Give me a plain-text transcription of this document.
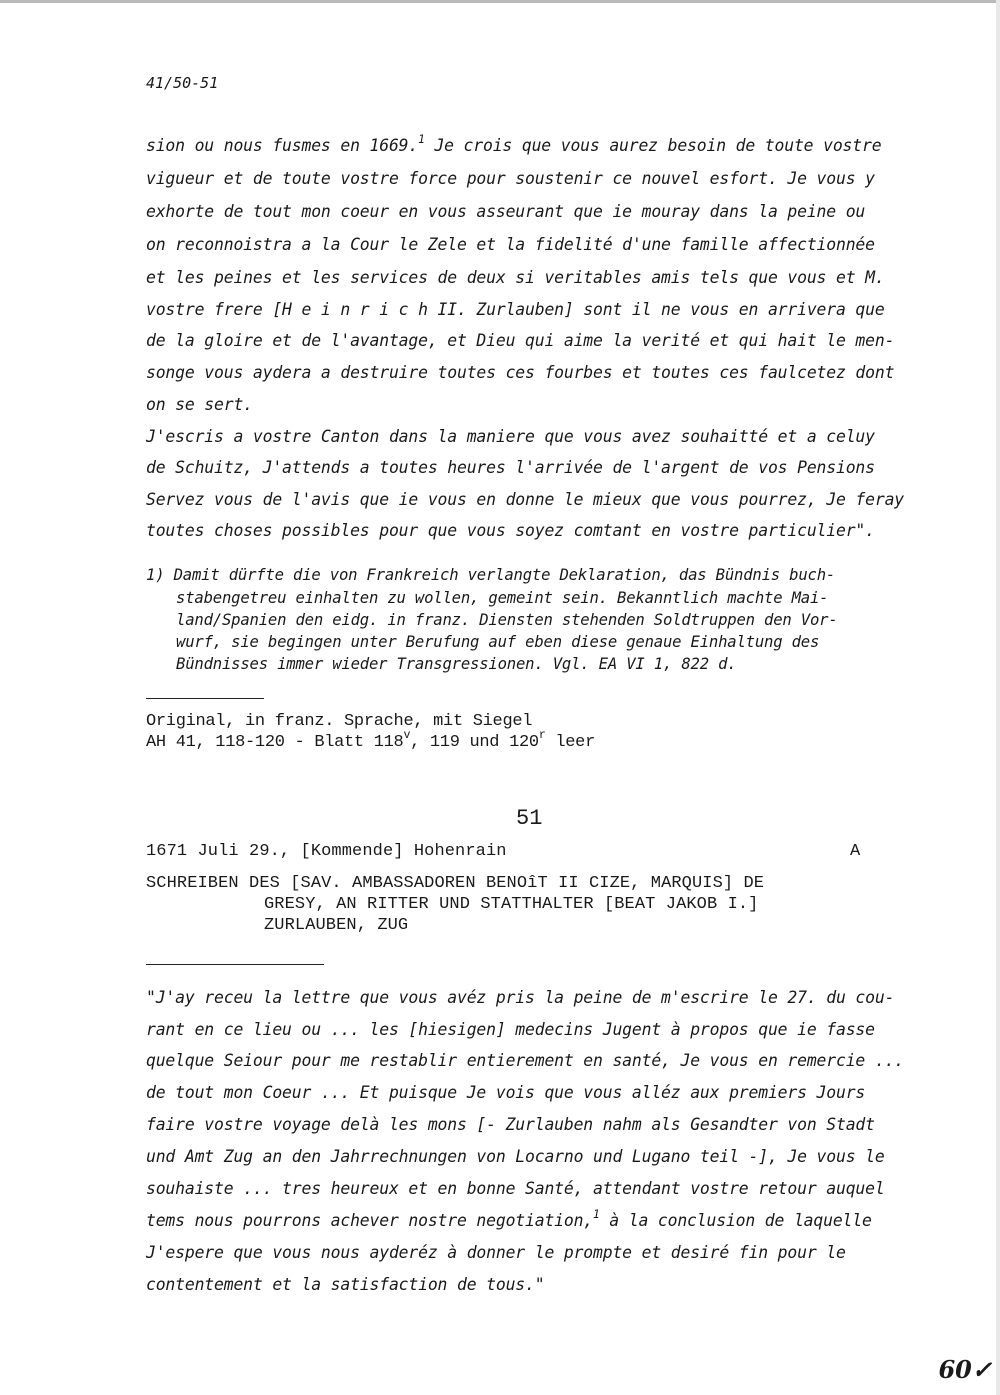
41/50-51
sion ou nous fusmes en 1669.$^1$ Je crois que vous aurez besoin de toute vostre
vigueur et de toute vostre force pour soustenir ce nouvel esfort. Je vous y
exhorte de tout mon coeur en vous asseurant que ie mouray dans la peine ou
on reconnoistra a la Cour le Zele et la fidelité d'une famille affectionnée
et les peines et les services de deux si veritables amis tels que vous et M.
vostre frere [H e i n r i c h II. Zurlauben] sont il ne vous en arrivera que
de la gloire et de l'avantage, et Dieu qui aime la verité et qui hait le men-
songe vous aydera a destruire toutes ces fourbes et toutes ces faulcetez dont
on se sert.
J'escris a vostre Canton dans la maniere que vous avez souhaitté et a celuy
de Schuitz, J'attends a toutes heures l'arrivée de l'argent de vos Pensions
Servez vous de l'avis que ie vous en donne le mieux que vous pourrez, Je feray
toutes choses possibles pour que vous soyez comtant en vostre particulier".
1) Damit dürfte die von Frankreich verlangte Deklaration, das Bündnis buch-
stabengetreu einhalten zu wollen, gemeint sein. Bekanntlich machte Mai-
land/Spanien den eidg. in franz. Diensten stehenden Soldtruppen den Vor-
wurf, sie begingen unter Berufung auf eben diese genaue Einhaltung des
Bündnisses immer wieder Transgressionen. Vgl. EA VI 1, 822 d.
Original, in franz. Sprache, mit Siegel
AH 41, 118-120 - Blatt 118$^v$, 119 und 120$^r$ leer
51
1671 Juli 29., [Kommende] Hohenrain	A
SCHREIBEN DES [SAV. AMBASSADOREN BENOîT II CIZE, MARQUIS] DE
GRESY, AN RITTER UND STATTHALTER [BEAT JAKOB I.]
ZURLAUBEN, ZUG
"J'ay receu la lettre que vous avéz pris la peine de m'escrire le 27. du cou-
rant en ce lieu ou ... les [hiesigen] medecins Jugent à propos que ie fasse
quelque Seiour pour me restablir entierement en santé, Je vous en remercie ...
de tout mon Coeur ... Et puisque Je vois que vous alléz aux premiers Jours
faire vostre voyage delà les mons [- Zurlauben nahm als Gesandter von Stadt
und Amt Zug an den Jahrrechnungen von Locarno und Lugano teil -], Je vous le
souhaiste ... tres heureux et en bonne Santé, attendant vostre retour auquel
tems nous pourrons achever nostre negotiation,$^1$ à la conclusion de laquelle
J'espere que vous nous ayderéz à donner le prompte et desiré fin pour le
contentement et la satisfaction de tous."
60✓
